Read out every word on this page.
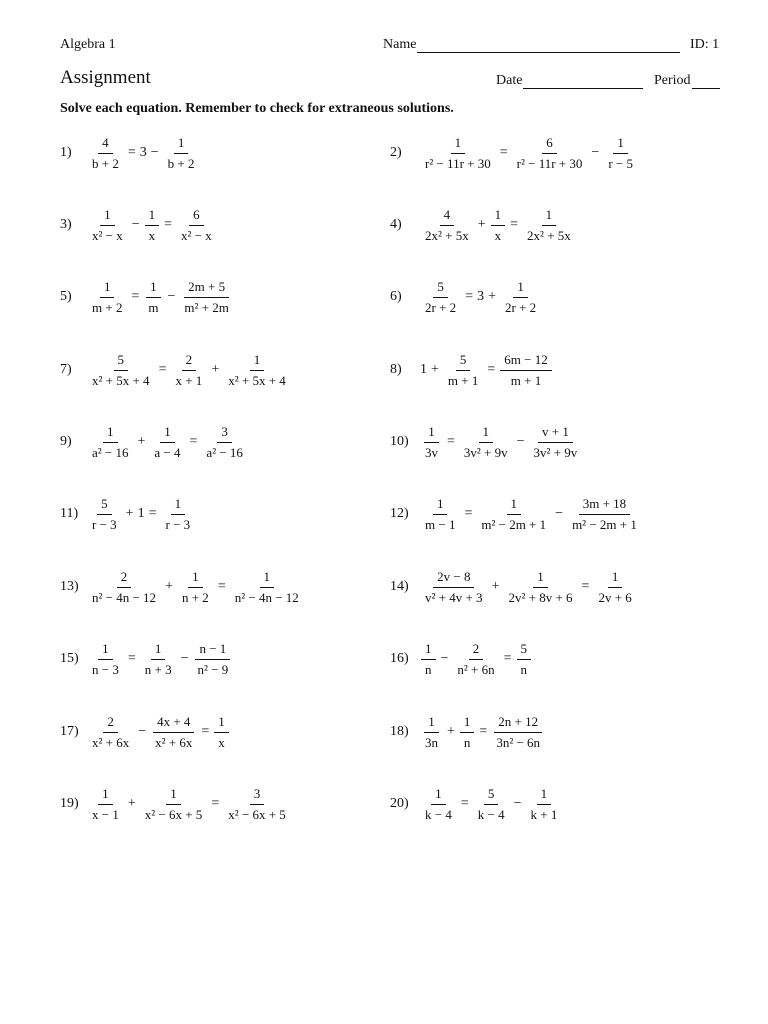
Algebra 1	Name	ID: 1
Assignment	Date	Period
Solve each equation. Remember to check for extraneous solutions.
1)	$\frac{4}{b + 2} = 3 - \frac{1}{b + 2}$	2)	$\frac{1}{\text{r² − 11r + 30}} = \frac{6}{\text{r² − 11r + 30}} - \frac{1}{r - 5}$
3)	$\frac{1}{\text{x² − x}} - \frac{1}{x} = \frac{6}{\text{x² − x}}$	4)	$\frac{4}{\text{2x² + 5x}} + \frac{1}{x} = \frac{1}{\text{2x² + 5x}}$
5)	$\frac{1}{m + 2} = \frac{1}{m} - \frac{2m + 5}{\text{m² + 2m}}$	6)	$\frac{5}{2r + 2} = 3 + \frac{1}{2r + 2}$
7)	$\frac{5}{\text{x² + 5x + 4}} = \frac{2}{x + 1} + \frac{1}{\text{x² + 5x + 4}}$	8)	$1 + \frac{5}{m + 1} = \frac{6m - 12}{m + 1}$
9)	$\frac{1}{\text{a² − 16}} + \frac{1}{a - 4} = \frac{3}{\text{a² − 16}}$	$10) \frac{1}{3v} = \frac{1}{\text{3v² + 9v}} - \frac{v + 1}{\text{3v² + 9v}}$
$11) \frac{5}{r - 3} + 1 = \frac{1}{r - 3}$	$12) \frac{1}{m - 1} = \frac{1}{\text{m² − 2m + 1}} - \frac{3m + 18}{\text{m² − 2m + 1}}$
$13) \frac{2}{\text{n² − 4n − 12}} + \frac{1}{n + 2} = \frac{1}{\text{n² − 4n − 12}}$	$14) \frac{2v - 8}{\text{v² + 4v + 3}} + \frac{1}{\text{2v² + 8v + 6}} = \frac{1}{2v + 6}$
$15) \frac{1}{n - 3} = \frac{1}{n + 3} - \frac{n - 1}{\text{n² − 9}}$	$16) \frac{1}{n} - \frac{2}{\text{n² + 6n}} = \frac{5}{n}$
$17) \frac{2}{\text{x² + 6x}} - \frac{4x + 4}{\text{x² + 6x}} = \frac{1}{x}$	$18) \frac{1}{3n} + \frac{1}{n} = \frac{2n + 12}{\text{3n² − 6n}}$
$19) \frac{1}{x - 1} + \frac{1}{\text{x² − 6x + 5}} = \frac{3}{\text{x² − 6x + 5}}$	$20) \frac{1}{k - 4} = \frac{5}{k - 4} - \frac{1}{k + 1}$
